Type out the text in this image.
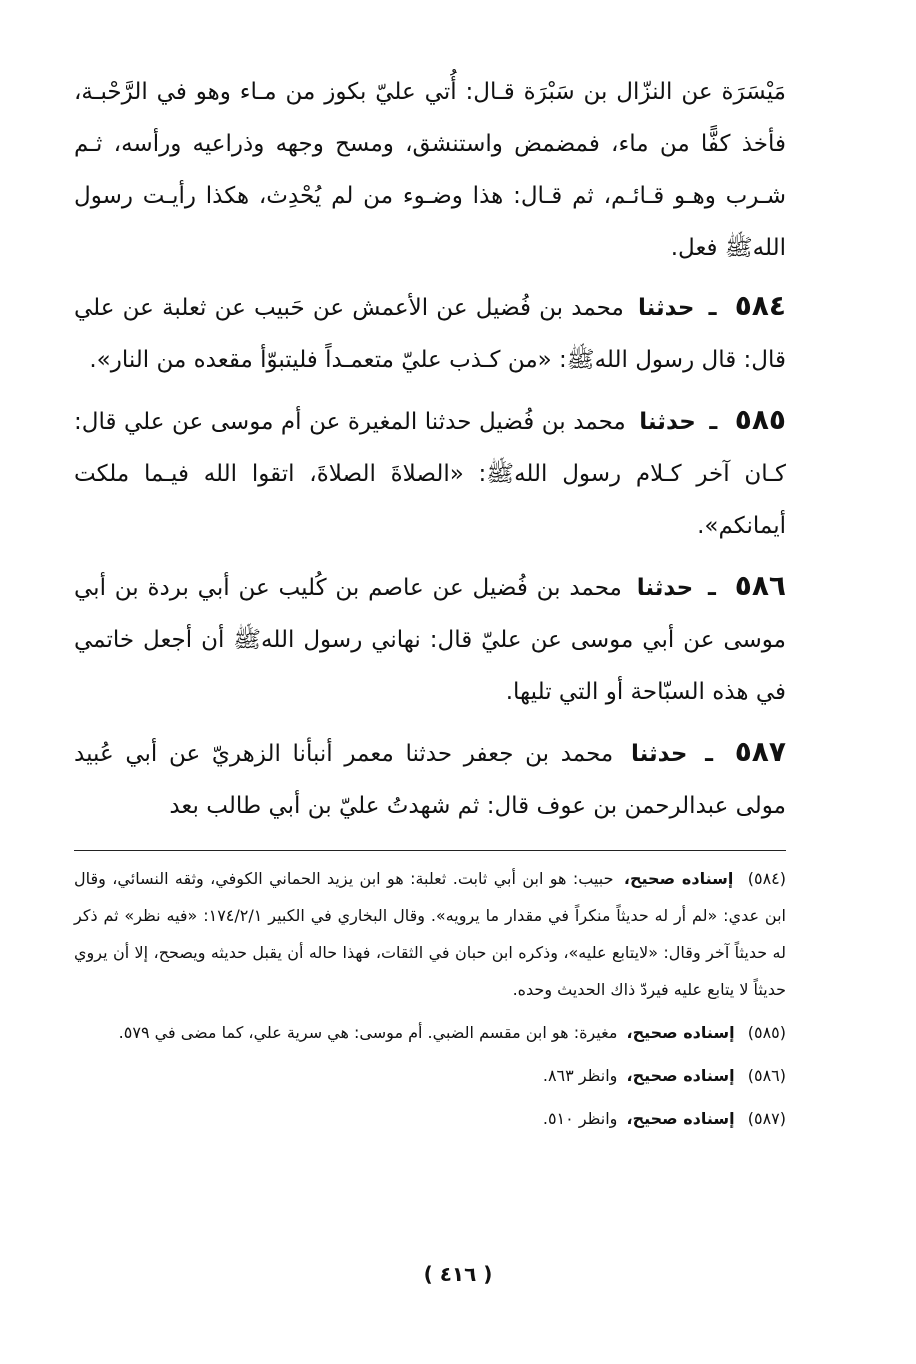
مَيْسَرَة عن النزّال بن سَبْرَة قـال: أُتي عليّ بكوز من مـاء وهو في الرَّحْبـة، فأخذ كفًّا من ماء، فمضمض واستنشق، ومسح وجهه وذراعيه ورأسه، ثـم شـرب وهـو قـائـم، ثم قـال: هذا وضـوء من لم يُحْدِث، هكذا رأيـت رسول اللهﷺ فعل.

٥٨٤ ـ حدثنا محمد بن فُضيل عن الأعمش عن حَبيب عن ثعلبة عن علي قال: قال رسول اللهﷺ: «من كـذب عليّ متعمـداً فليتبوّأ مقعده من النار».

٥٨٥ ـ حدثنا محمد بن فُضيل حدثنا المغيرة عن أم موسى عن علي قال: كـان آخر كـلام رسول اللهﷺ: «الصلاةَ الصلاةَ، اتقوا الله فيـما ملكت أيمانكم».

٥٨٦ ـ حدثنا محمد بن فُضيل عن عاصم بن كُليب عن أبي بردة بن أبي موسى عن أبي موسى عن عليّ قال: نهاني رسول اللهﷺ أن أجعل خاتمي في هذه السبّاحة أو التي تليها.

٥٨٧ ـ حدثنا محمد بن جعفر حدثنا معمر أنبأنا الزهريّ عن أبي عُبيد مولى عبدالرحمن بن عوف قال: ثم شهدتُ عليّ بن أبي طالب بعد

(٥٨٤) إسناده صحيح، حبيب: هو ابن أبي ثابت. ثعلبة: هو ابن يزيد الحماني الكوفي، وثقه النسائي، وقال ابن عدي: «لم أر له حديثاً منكراً في مقدار ما يرويه». وقال البخاري في الكبير ١٧٤/٢/١: «فيه نظر» ثم ذكر له حديثاً آخر وقال: «لايتابع عليه»، وذكره ابن حبان في الثقات، فهذا حاله أن يقبل حديثه ويصحح، إلا أن يروي حديثاً لا يتابع عليه فيردّ ذاك الحديث وحده.

(٥٨٥) إسناده صحيح، مغيرة: هو ابن مقسم الضبي. أم موسى: هي سرية علي، كما مضى في ٥٧٩.

(٥٨٦) إسناده صحيح، وانظر ٨٦٣.

(٥٨٧) إسناده صحيح، وانظر ٥١٠.

( ٤١٦ )
